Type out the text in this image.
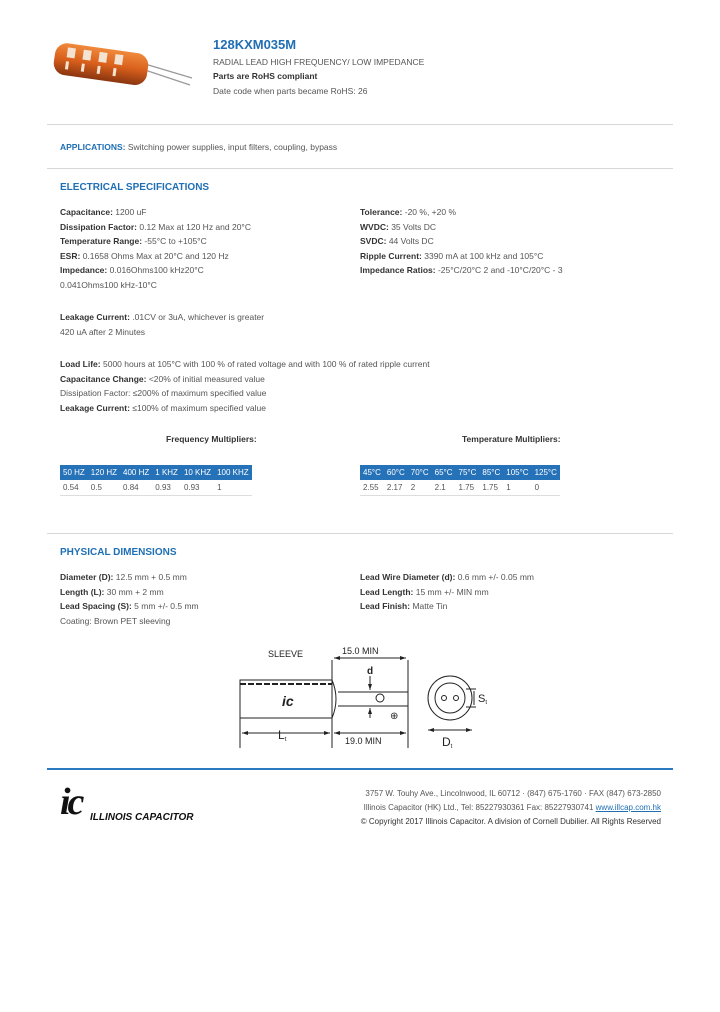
128KXM035M
RADIAL LEAD HIGH FREQUENCY/ LOW IMPEDANCE
Parts are RoHS compliant
Date code when parts became RoHS: 26
APPLICATIONS: Switching power supplies, input filters, coupling, bypass
ELECTRICAL SPECIFICATIONS
Capacitance: 1200 uF
Dissipation Factor: 0.12 Max at 120 Hz and 20°C
Temperature Range: -55°C to +105°C
ESR: 0.1658 Ohms Max at 20°C and 120 Hz
Impedance: 0.016Ohms100 kHz20°C
0.041Ohms100 kHz-10°C
Tolerance: -20 %, +20 %
WVDC: 35 Volts DC
SVDC: 44 Volts DC
Ripple Current: 3390 mA at 100 kHz and 105°C
Impedance Ratios: -25°C/20°C 2 and -10°C/20°C - 3
Leakage Current: .01CV or 3uA, whichever is greater
420 uA after 2 Minutes
Load Life: 5000 hours at 105°C with 100 % of rated voltage and with 100 % of rated ripple current
Capacitance Change: <20% of initial measured value
Dissipation Factor: ≤200% of maximum specified value
Leakage Current: ≤100% of maximum specified value
Frequency Multipliers:	Temperature Multipliers:
50 HZ	120 HZ	400 HZ	1 KHZ	10 KHZ	100 KHZ
0.54	0.5	0.84	0.93	0.93	1
45°C	60°C	70°C	65°C	75°C	85°C	105°C	125°C
2.55	2.17	2	2.1	1.75	1.75	1	0
PHYSICAL DIMENSIONS
Diameter (D): 12.5 mm + 0.5 mm
Length (L): 30 mm + 2 mm
Lead Spacing (S): 5 mm +/- 0.5 mm
Coating: Brown PET sleeving
Lead Wire Diameter (d): 0.6 mm +/- 0.05 mm
Lead Length: 15 mm +/- MIN mm
Lead Finish: Matte Tin
ic
SLEEVE	15.0 MIN
19.0 MIN
d
⊕
Lt	Dt
St
ic ILLINOIS CAPACITOR
3757 W. Touhy Ave., Lincolnwood, IL 60712 · (847) 675-1760 · FAX (847) 673-2850
Illinois Capacitor (HK) Ltd., Tel: 85227930361 Fax: 85227930741 www.illcap.com.hk
© Copyright 2017 Illinois Capacitor. A division of Cornell Dubilier. All Rights Reserved
